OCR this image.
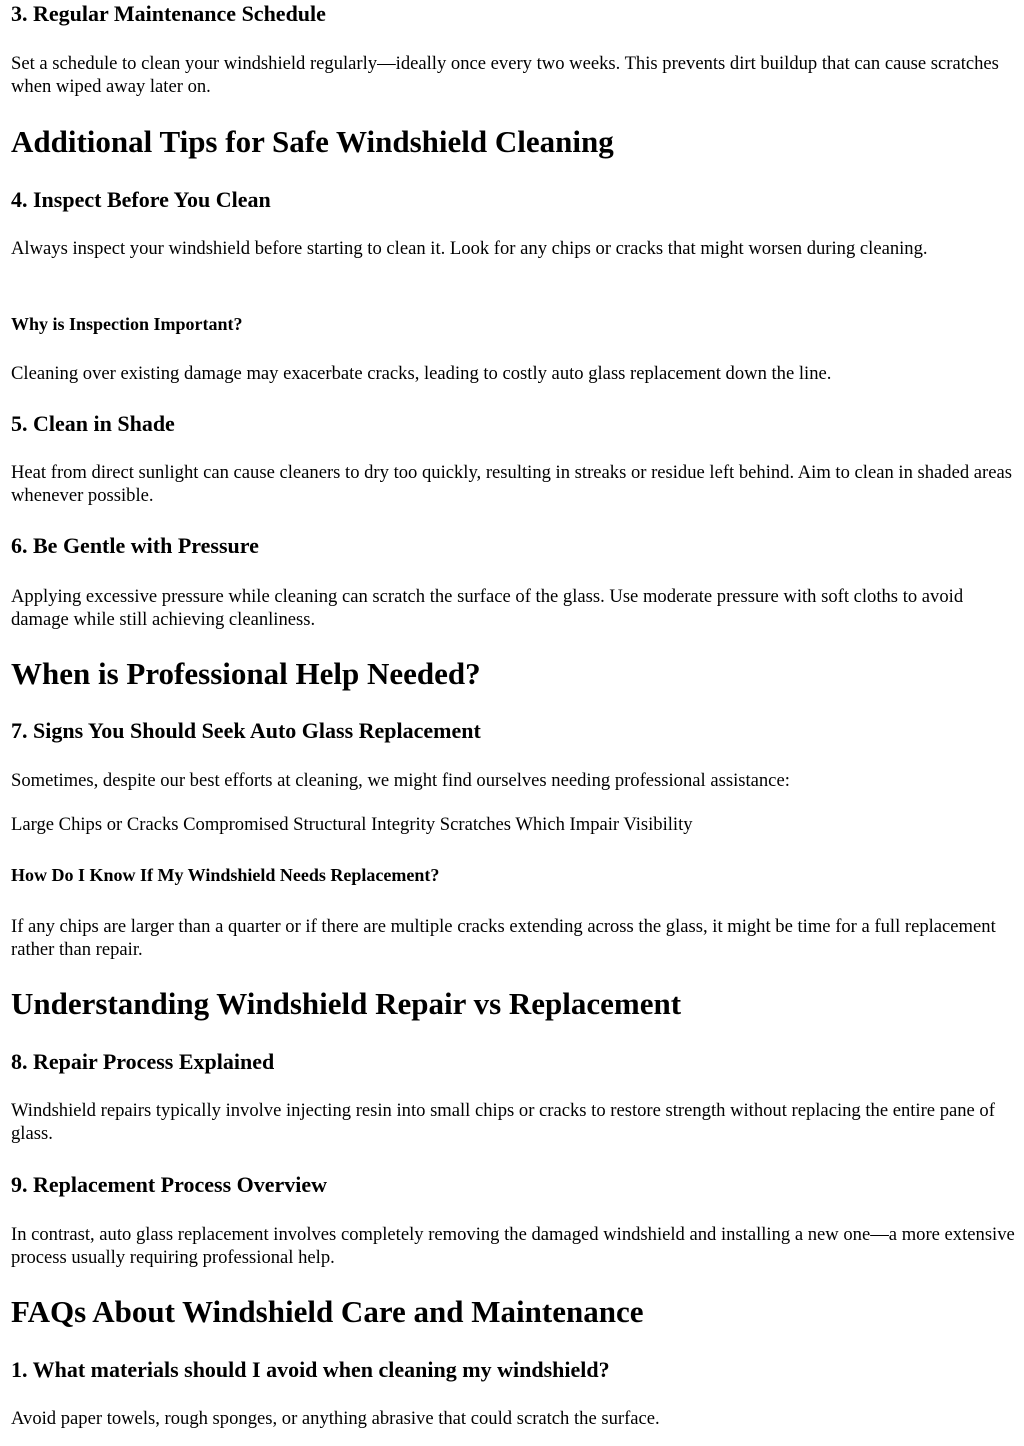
3. Regular Maintenance Schedule

Set a schedule to clean your windshield regularly—ideally once every two weeks. This prevents dirt buildup that can cause scratches when wiped away later on.

Additional Tips for Safe Windshield Cleaning
4. Inspect Before You Clean

Always inspect your windshield before starting to clean it. Look for any chips or cracks that might worsen during cleaning.

Why is Inspection Important?

Cleaning over existing damage may exacerbate cracks, leading to costly auto glass replacement down the line.

5. Clean in Shade

Heat from direct sunlight can cause cleaners to dry too quickly, resulting in streaks or residue left behind. Aim to clean in shaded areas whenever possible.

6. Be Gentle with Pressure

Applying excessive pressure while cleaning can scratch the surface of the glass. Use moderate pressure with soft cloths to avoid damage while still achieving cleanliness.

When is Professional Help Needed?
7. Signs You Should Seek Auto Glass Replacement

Sometimes, despite our best efforts at cleaning, we might find ourselves needing professional assistance:

Large Chips or Cracks Compromised Structural Integrity Scratches Which Impair Visibility

How Do I Know If My Windshield Needs Replacement?

If any chips are larger than a quarter or if there are multiple cracks extending across the glass, it might be time for a full replacement rather than repair.

Understanding Windshield Repair vs Replacement
8. Repair Process Explained

Windshield repairs typically involve injecting resin into small chips or cracks to restore strength without replacing the entire pane of glass.

9. Replacement Process Overview

In contrast, auto glass replacement involves completely removing the damaged windshield and installing a new one—a more extensive process usually requiring professional help.

FAQs About Windshield Care and Maintenance
1. What materials should I avoid when cleaning my windshield?

Avoid paper towels, rough sponges, or anything abrasive that could scratch the surface.
